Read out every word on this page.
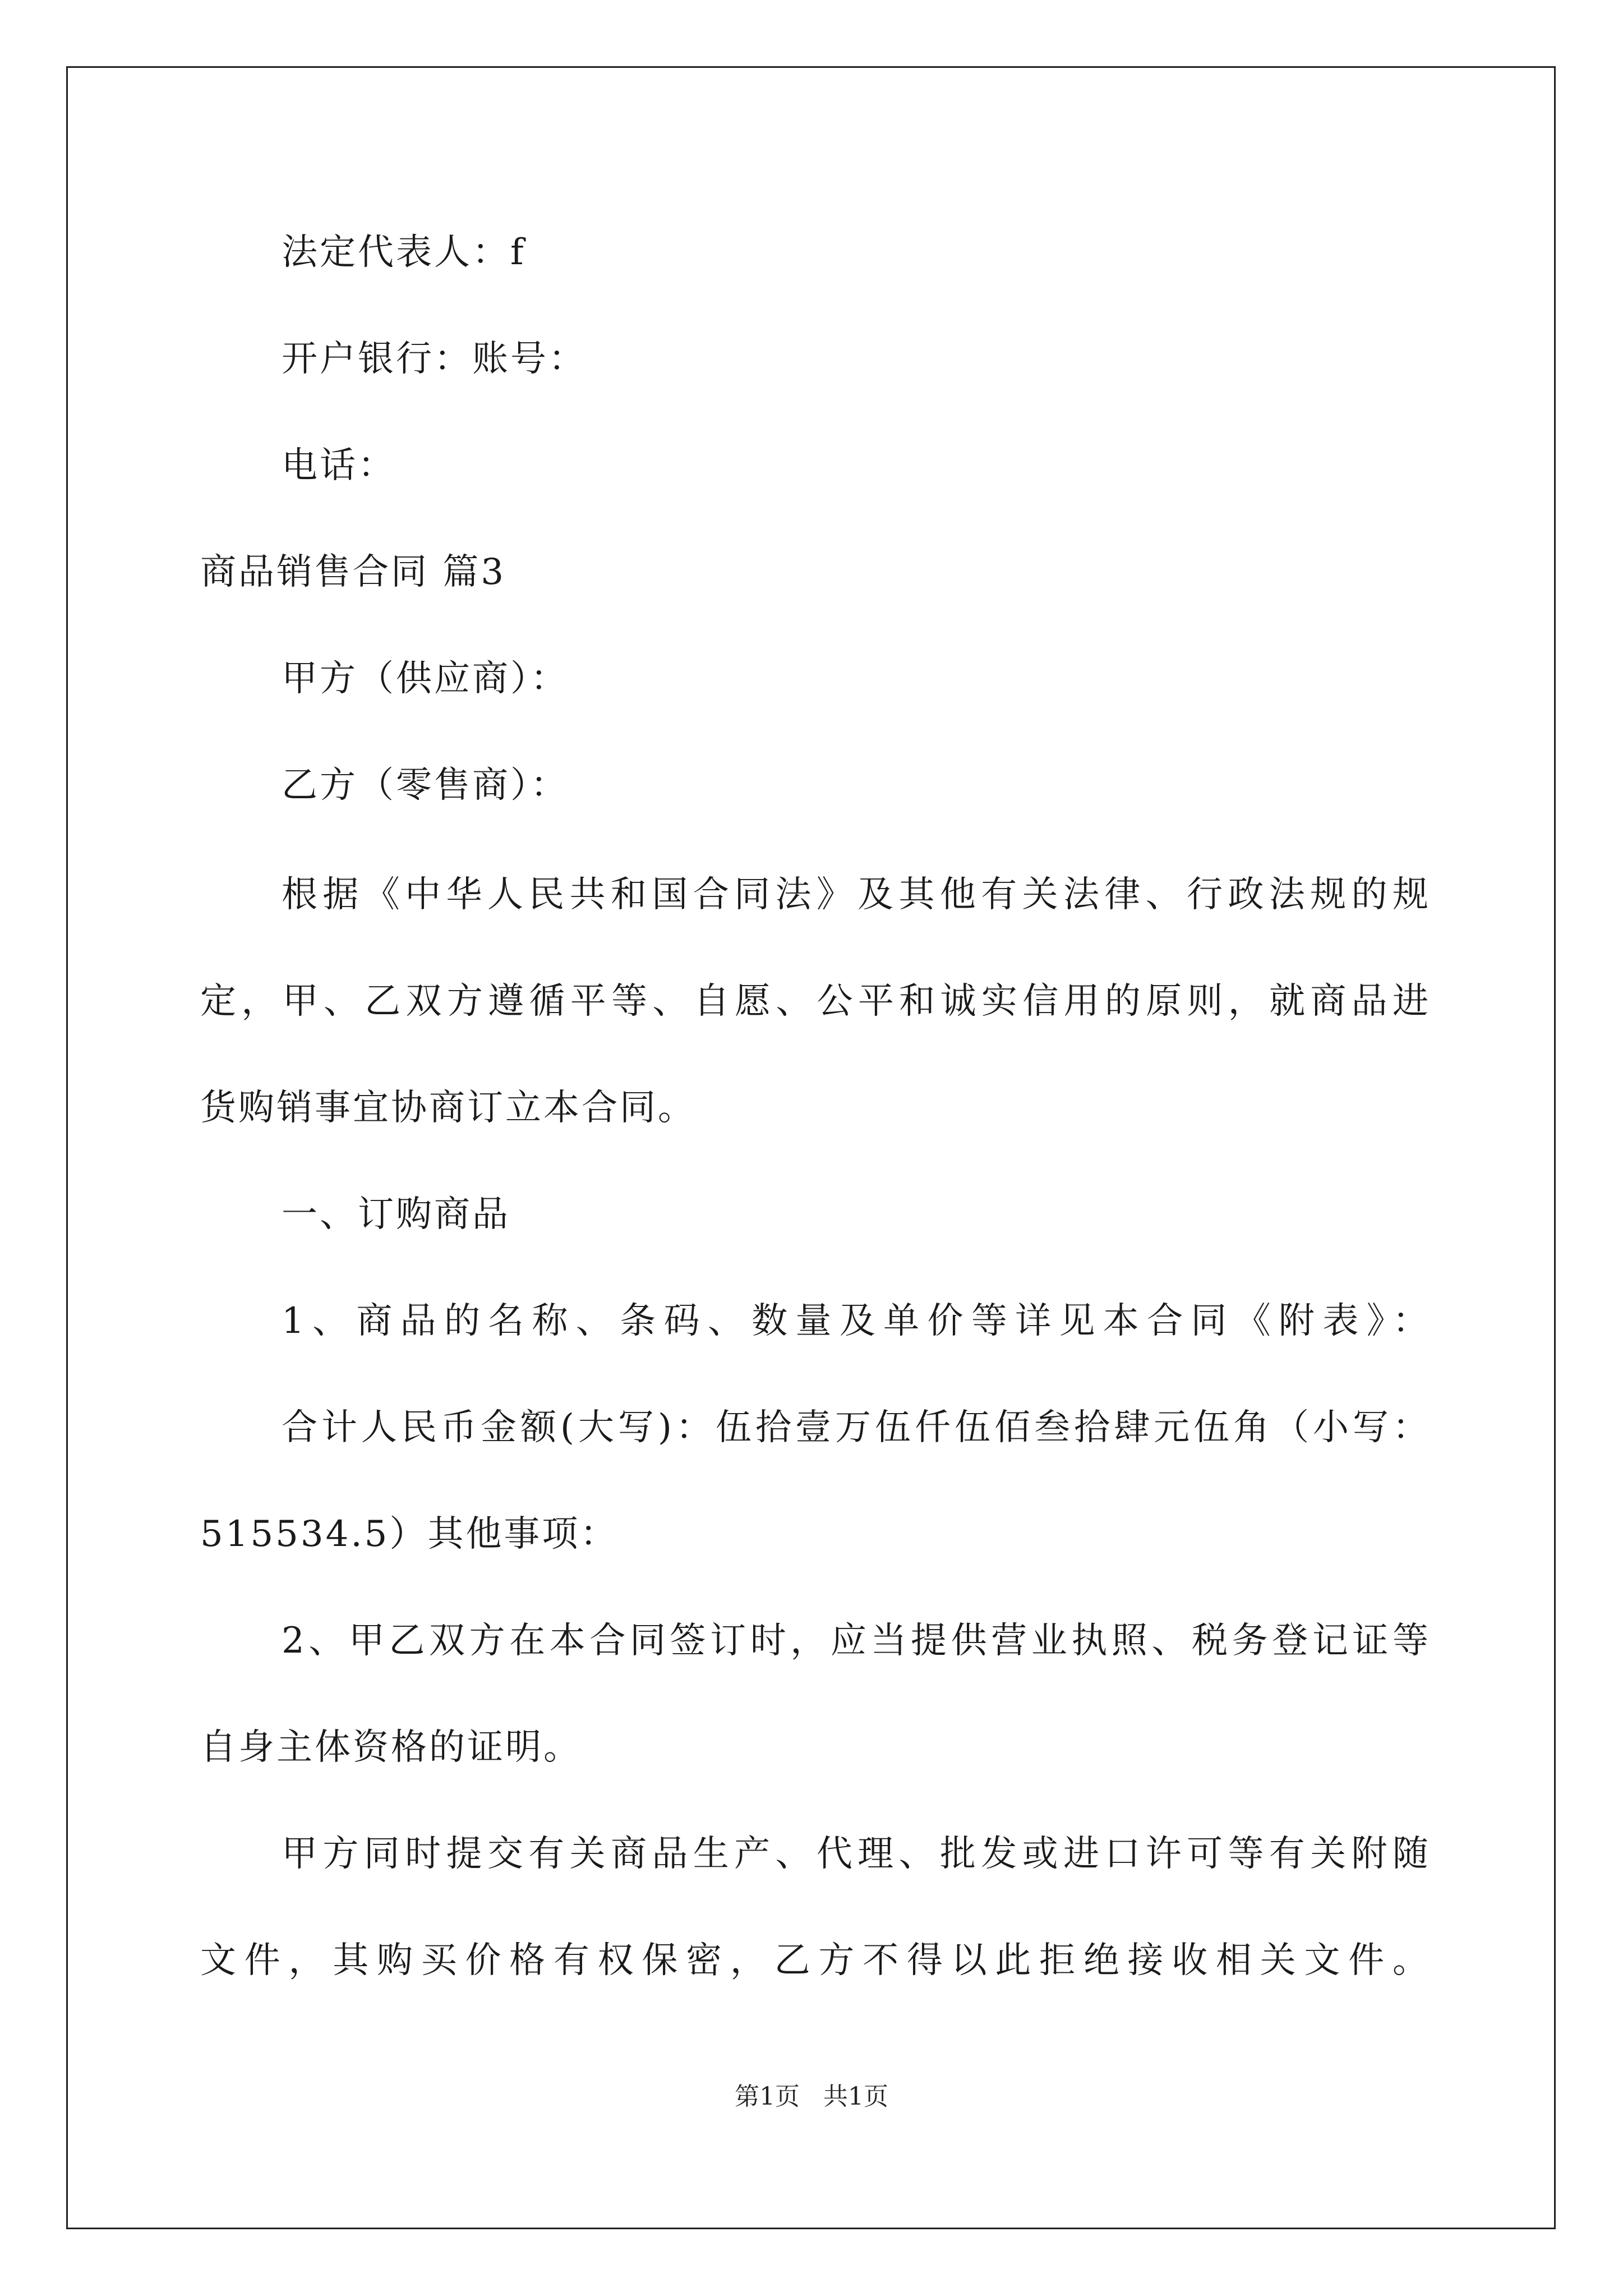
法定代表人：f
开户银行：账号：
电话：
商品销售合同 篇3
甲方（供应商）：
乙方（零售商）：
根据《中华人民共和国合同法》及其他有关法律、行政法规的规
定，甲、乙双方遵循平等、自愿、公平和诚实信用的原则，就商品进
货购销事宜协商订立本合同。
一、订购商品
1、商品的名称、条码、数量及单价等详见本合同《附表》：
合计人民币金额(大写)：伍拾壹万伍仟伍佰叁拾肆元伍角（小写：
515534.5）其他事项：
2、甲乙双方在本合同签订时，应当提供营业执照、税务登记证等
自身主体资格的证明。
甲方同时提交有关商品生产、代理、批发或进口许可等有关附随
文件，其购买价格有权保密，乙方不得以此拒绝接收相关文件。
第1页 共1页
